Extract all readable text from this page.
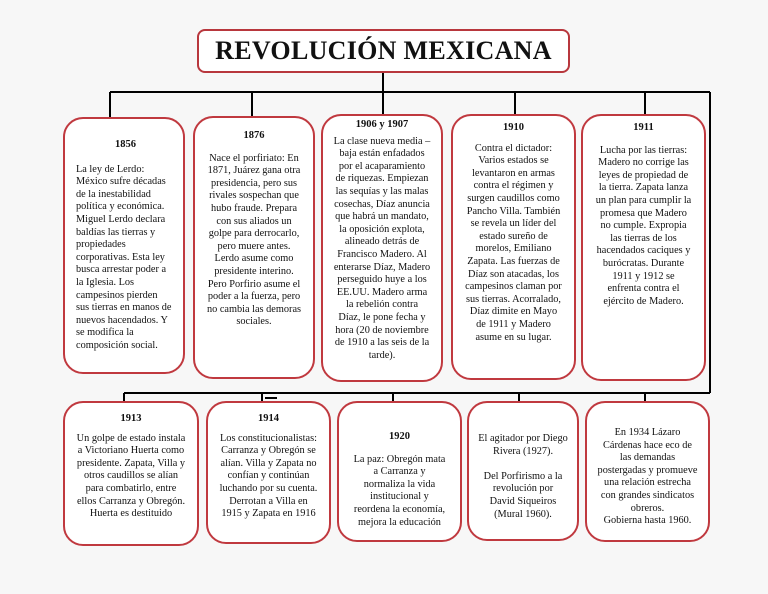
REVOLUCIÓN MEXICANA
1856
La ley de Lerdo:
México sufre décadas
de la inestabilidad
política y económica.
Miguel Lerdo declara
baldías las tierras y
propiedades
corporativas. Esta ley
busca arrestar poder a
la Iglesia. Los
campesinos pierden
sus tierras en manos de
nuevos hacendados. Y
se modifica la
composición social.
1876
Nace el porfiriato: En
1871, Juárez gana otra
presidencia, pero sus
rivales sospechan que
hubo fraude. Prepara
con sus aliados un
golpe para derrocarlo,
pero muere antes.
Lerdo asume como
presidente interino.
Pero Porfirio asume el
poder a la fuerza, pero
no cambia las demoras
sociales.
1906 y 1907
La clase nueva media –
baja están enfadados
por el acaparamiento
de riquezas. Empiezan
las sequías y las malas
cosechas, Díaz anuncia
que habrá un mandato,
la oposición explota,
alineado detrás de
Francisco Madero. Al
enterarse Díaz, Madero
perseguido huye a los
EE.UU. Madero arma
la rebelión contra
Díaz, le pone fecha y
hora (20 de noviembre
de 1910 a las seis de la
tarde).
1910
Contra el dictador:
Varios estados se
levantaron en armas
contra el régimen y
surgen caudillos como
Pancho Villa. También
se revela un líder del
estado sureño de
morelos, Emiliano
Zapata. Las fuerzas de
Díaz son atacadas, los
campesinos claman por
sus tierras. Acorralado,
Díaz dimite en Mayo
de 1911 y Madero
asume en su lugar.
1911
Lucha por las tierras:
Madero no corrige las
leyes de propiedad de
la tierra. Zapata lanza
un plan para cumplir la
promesa que Madero
no cumple. Expropia
las tierras de los
hacendados caciques y
burócratas. Durante
1911 y 1912 se
enfrenta contra el
ejército de Madero.
1913
Un golpe de estado instala
a Victoriano Huerta como
presidente. Zapata, Villa y
otros caudillos se alían
para combatirlo, entre
ellos Carranza y Obregón.
Huerta es destituido
1914
Los constitucionalistas:
Carranza y Obregón se
alían. Villa y Zapata no
confían y continúan
luchando por su cuenta.
Derrotan a Villa en
1915 y Zapata en 1916
1920
La paz: Obregón mata
a Carranza y
normaliza la vida
institucional y
reordena la economía,
mejora la educación
El agitador por Diego
Rivera (1927).

Del Porfirismo a la
revolución por
David Siqueiros
(Mural 1960).
En 1934 Lázaro
Cárdenas hace eco de
las demandas
postergadas y promueve
una relación estrecha
con grandes sindicatos
obreros.
Gobierna hasta 1960.
